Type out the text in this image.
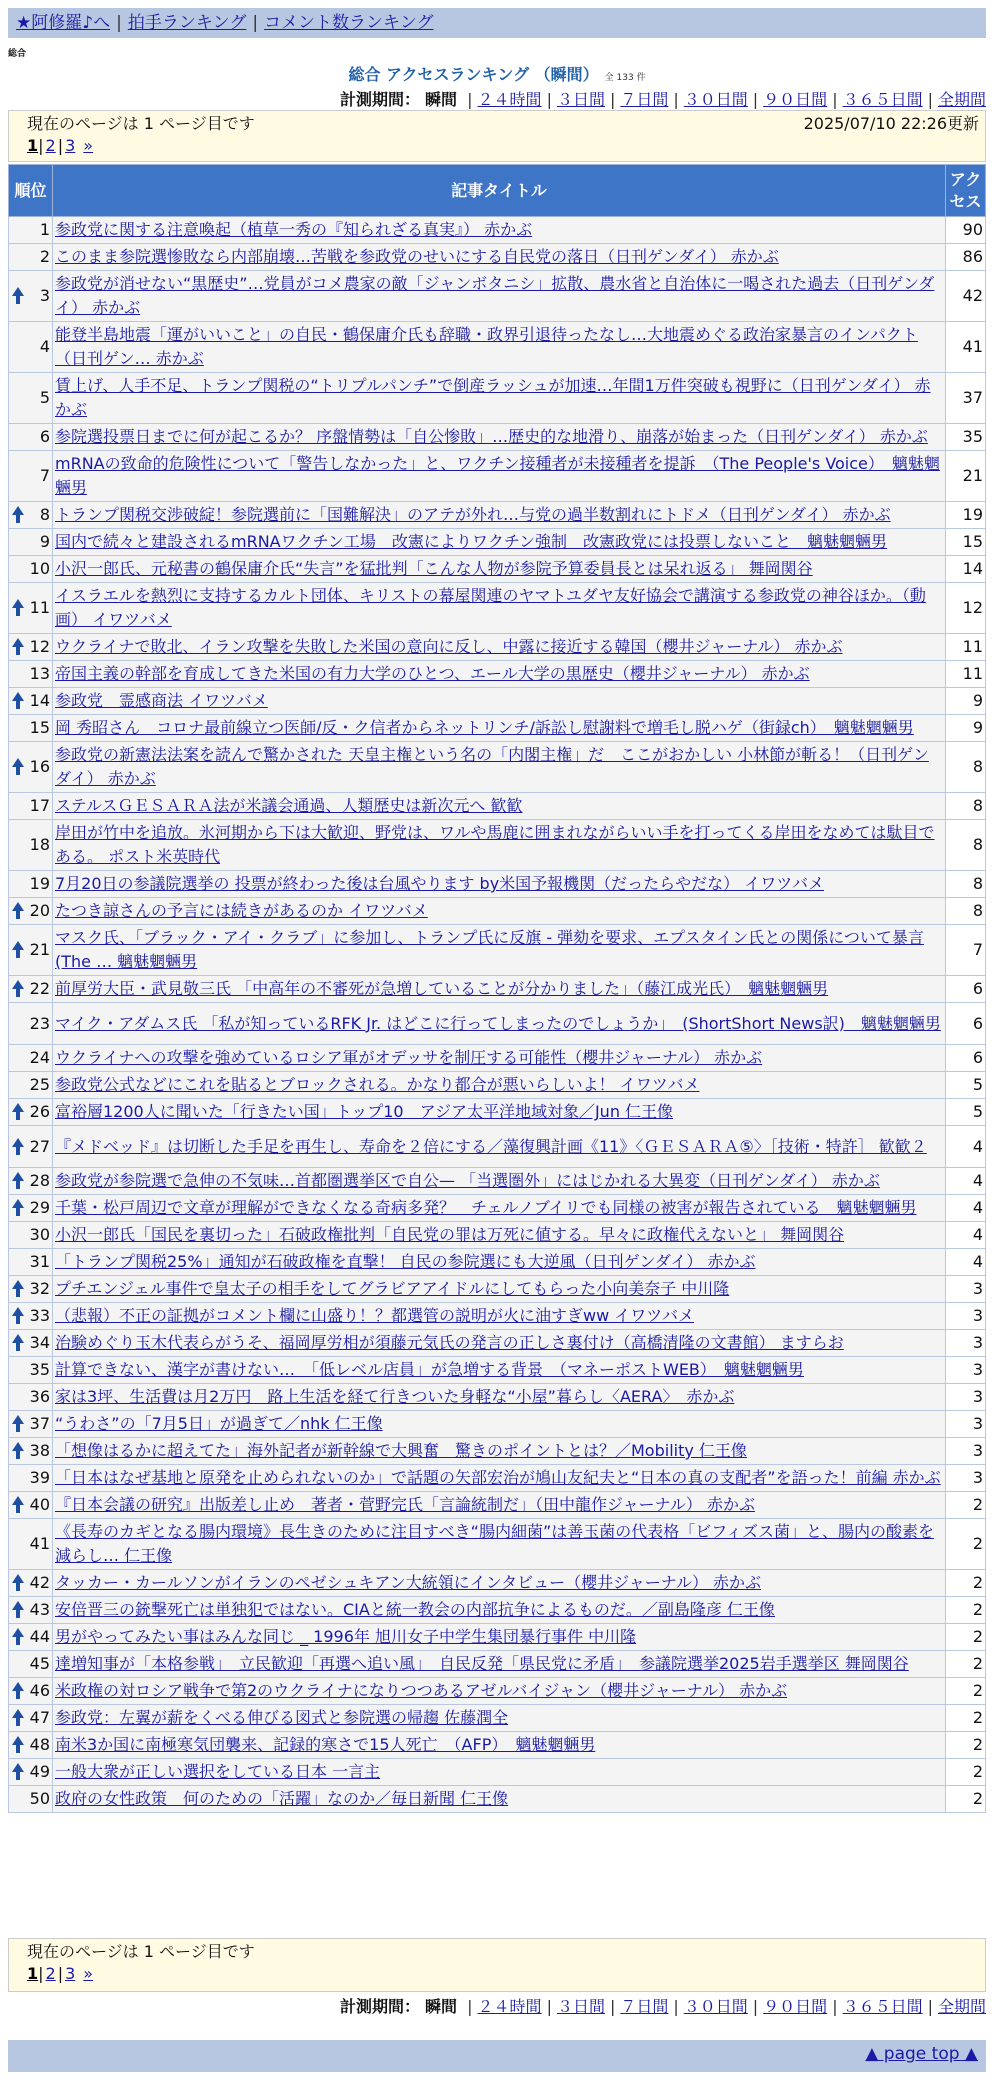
★阿修羅♪へ | 拍手ランキング | コメント数ランキング
総合
総合 アクセスランキング （瞬間） 全 133 件
計測期間： 瞬間 | ２４時間 | ３日間 | ７日間 | ３０日間 | ９０日間 | ３６５日間 | 全期間
現在のページは 1 ページ目です	2025/07/10 22:26更新
1| 2 | 3 »
順位	記事タイトル	アクセス
1	参政党に関する注意喚起（植草一秀の『知られざる真実』） 赤かぶ	90
2	このまま参院選惨敗なら内部崩壊…苦戦を参政党のせいにする自民党の落日（日刊ゲンダイ） 赤かぶ	86

3	参政党が消せない“黒歴史”…党員がコメ農家の敵「ジャンボタニシ」拡散、農水省と自治体に一喝された過去（日刊ゲンダイ） 赤かぶ	42
4	能登半島地震「運がいいこと」の自民・鶴保庸介氏も辞職・政界引退待ったなし…大地震めぐる政治家暴言のインパクト（日刊ゲン… 赤かぶ	41
5	賃上げ、人手不足、トランプ関税の“トリプルパンチ”で倒産ラッシュが加速…年間1万件突破も視野に（日刊ゲンダイ） 赤かぶ	37
6	参院選投票日までに何が起こるか？ 序盤情勢は「自公惨敗」…歴史的な地滑り、崩落が始まった（日刊ゲンダイ） 赤かぶ	35
7	mRNAの致命的危険性について「警告しなかった」と、ワクチン接種者が未接種者を提訴　（The People's Voice）　魑魅魍魎男	21

8	トランプ関税交渉破綻！参院選前に「国難解決」のアテが外れ…与党の過半数割れにトドメ（日刊ゲンダイ） 赤かぶ	19
9	国内で続々と建設されるmRNAワクチン工場　改憲によりワクチン強制　改憲政党には投票しないこと　魑魅魍魎男	15
10	小沢一郎氏、元秘書の鶴保庸介氏“失言”を猛批判「こんな人物が参院予算委員長とは呆れ返る」 舞岡関谷	14

11	イスラエルを熱烈に支持するカルト団体、キリストの幕屋関連のヤマトユダヤ友好協会で講演する参政党の神谷ほか。（動画） イワツバメ	12

12	ウクライナで敗北、イラン攻撃を失敗した米国の意向に反し、中露に接近する韓国（櫻井ジャーナル） 赤かぶ	11
13	帝国主義の幹部を育成してきた米国の有力大学のひとつ、エール大学の黒歴史（櫻井ジャーナル） 赤かぶ	11

14	参政党　霊感商法 イワツバメ	9
15	岡 秀昭さん　コロナ最前線立つ医師/反・ク信者からネットリンチ/訴訟し慰謝料で増毛し脱ハゲ（街録ch）　魑魅魍魎男	9

16	参政党の新憲法法案を読んで驚かされた 天皇主権という名の「内閣主権」だ　ここがおかしい 小林節が斬る！（日刊ゲンダイ） 赤かぶ	8
17	ステルスＧＥＳＡＲＡ法が米議会通過、人類歴史は新次元へ 歓歓	8
18	岸田が竹中を追放。氷河期から下は大歓迎、野党は、ワルや馬鹿に囲まれながらいい手を打ってくる岸田をなめては駄目である。 ポスト米英時代	8
19	7月20日の参議院選挙の 投票が終わった後は台風やります by米国予報機関（だったらやだな） イワツバメ	8

20	たつき諒さんの予言には続きがあるのか イワツバメ	8

21	マスク氏、「ブラック・アイ・クラブ」に参加し、トランプ氏に反旗 - 弾劾を要求、エプスタイン氏との関係について暴言(The … 魑魅魍魎男	7

22	前厚労大臣・武見敬三氏 「中高年の不審死が急増していることが分かりました」（藤江成光氏）　魑魅魍魎男	6
23	マイク・アダムス氏 「私が知っているRFK Jr. はどこに行ってしまったのでしょうか」　(ShortShort News訳)　魑魅魍魎男	6
24	ウクライナへの攻撃を強めているロシア軍がオデッサを制圧する可能性（櫻井ジャーナル） 赤かぶ	6
25	参政党公式などにこれを貼るとブロックされる。かなり都合が悪いらしいよ！ イワツバメ	5

26	富裕層1200人に聞いた「行きたい国」トップ10　アジア太平洋地域対象／Jun 仁王像	5

27	『メドベッド』は切断した手足を再生し、寿命を２倍にする／藻復興計画《11》〈ＧＥＳＡＲＡ⑤〉［技術・特許］ 歓歓２	4

28	参政党が参院選で急伸の不気味…首都圏選挙区で自公— 「当選圏外」にはじかれる大異変（日刊ゲンダイ） 赤かぶ	4

29	千葉・松戸周辺で文章が理解ができなくなる奇病多発？　チェルノブイリでも同様の被害が報告されている　魑魅魍魎男	4
30	小沢一郎氏「国民を裏切った」石破政権批判「自民党の罪は万死に値する。早々に政権代えないと」 舞岡関谷	4
31	「トランプ関税25%」通知が石破政権を直撃！ 自民の参院選にも大逆風（日刊ゲンダイ） 赤かぶ	4

32	プチエンジェル事件で皇太子の相手をしてグラビアアイドルにしてもらった小向美奈子 中川隆	3

33	（悲報）不正の証拠がコメント欄に山盛り！？都選管の説明が火に油すぎww イワツバメ	3

34	治験めぐり玉木代表らがうそ、福岡厚労相が須藤元気氏の発言の正しさ裏付け（高橋清隆の文書館） ますらお	3
35	計算できない、漢字が書けない…　「低レベル店員」が急増する背景　（マネーポストWEB）　魑魅魍魎男	3
36	家は3坪、生活費は月2万円　路上生活を経て行きついた身軽な“小屋”暮らし〈AERA〉　赤かぶ	3

37	“うわさ”の「7月5日」が過ぎて／nhk 仁王像	3

38	「想像はるかに超えてた」海外記者が新幹線で大興奮　驚きのポイントとは？／Mobility 仁王像	3
39	「日本はなぜ基地と原発を止められないのか」で話題の矢部宏治が鳩山友紀夫と“日本の真の支配者”を語った！前編 赤かぶ	3

40	『日本会議の研究』出版差し止め　著者・菅野完氏「言論統制だ」（田中龍作ジャーナル） 赤かぶ	2
41	《長寿のカギとなる腸内環境》長生きのために注目すべき“腸内細菌”は善玉菌の代表格「ビフィズス菌」と、腸内の酸素を減らし… 仁王像	2

42	タッカー・カールソンがイランのペゼシュキアン大統領にインタビュー（櫻井ジャーナル） 赤かぶ	2

43	安倍晋三の銃撃死亡は単独犯ではない。CIAと統一教会の内部抗争によるものだ。／副島隆彦 仁王像	2

44	男がやってみたい事はみんな同じ _ 1996年 旭川女子中学生集団暴行事件 中川隆	2
45	達増知事が「本格参戦」　立民歓迎「再選へ追い風」　自民反発「県民党に矛盾」　参議院選挙2025岩手選挙区 舞岡関谷	2

46	米政権の対ロシア戦争で第2のウクライナになりつつあるアゼルバイジャン（櫻井ジャーナル） 赤かぶ	2

47	参政党：左翼が薪をくべる伸びる図式と参院選の帰趨 佐藤潤全	2

48	南米3か国に南極寒気団襲来、記録的寒さで15人死亡　（AFP）　魑魅魍魎男	2

49	一般大衆が正しい選択をしている日本 一言主	2
50	政府の女性政策　何のための「活躍」なのか／毎日新聞 仁王像	2
現在のページは 1 ページ目です
1| 2 | 3 »
計測期間： 瞬間 | ２４時間 | ３日間 | ７日間 | ３０日間 | ９０日間 | ３６５日間 | 全期間
▲ page top ▲
